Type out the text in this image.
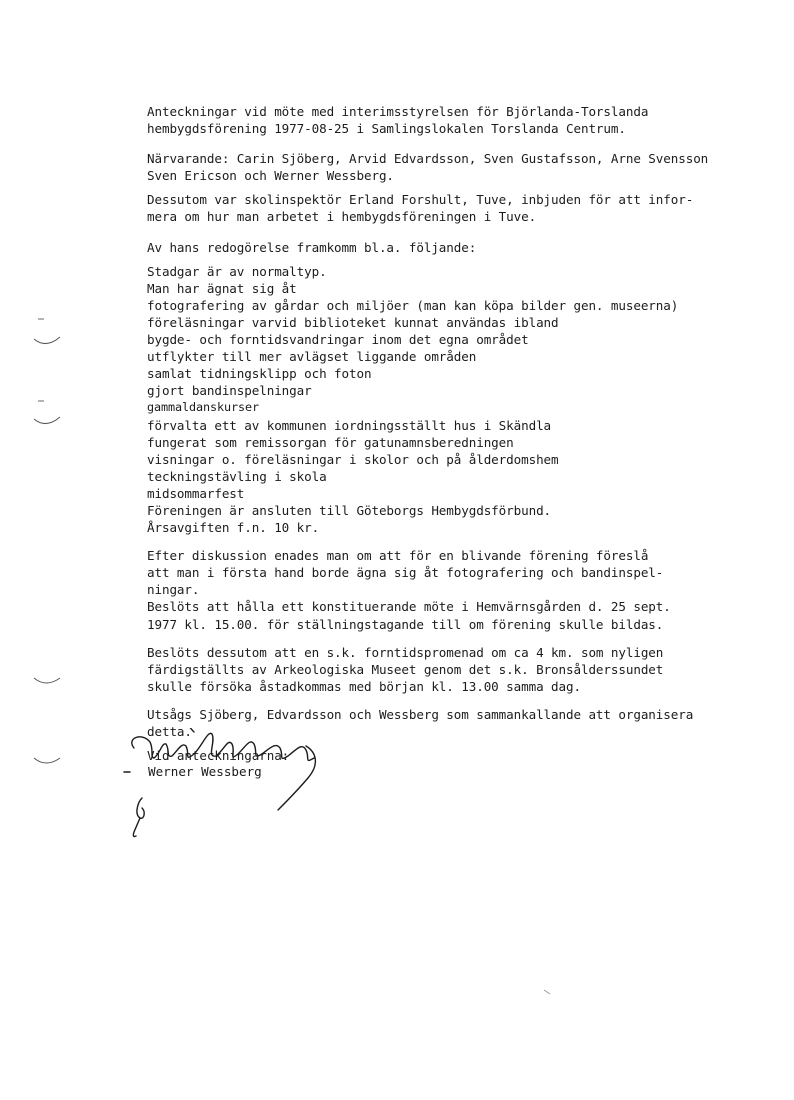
Anteckningar vid möte med interimsstyrelsen för Björlanda-Torslanda
hembygdsförening 1977-08-25 i Samlingslokalen Torslanda Centrum.
Närvarande: Carin Sjöberg, Arvid Edvardsson, Sven Gustafsson, Arne Svensson
Sven Ericson och Werner Wessberg.
Dessutom var skolinspektör Erland Forshult, Tuve, inbjuden för att infor-
mera om hur man arbetet i hembygdsföreningen i Tuve.
Av hans redogörelse framkomm bl.a. följande:
Stadgar är av normaltyp.
Man har ägnat sig åt
fotografering av gårdar och miljöer (man kan köpa bilder gen. museerna)
föreläsningar varvid biblioteket kunnat användas ibland
bygde- och forntidsvandringar inom det egna området
utflykter till mer avlägset liggande områden
samlat tidningsklipp och foton
gjort bandinspelningar
gammaldanskurser
förvalta ett av kommunen iordningsställt hus i Skändla
fungerat som remissorgan för gatunamnsberedningen
visningar o. föreläsningar i skolor och på ålderdomshem
teckningstävling i skola
midsommarfest
Föreningen är ansluten till Göteborgs Hembygdsförbund.
Årsavgiften f.n. 10 kr.
Efter diskussion enades man om att för en blivande förening föreslå
att man i första hand borde ägna sig åt fotografering och bandinspel-
ningar.
Beslöts att hålla ett konstituerande möte i Hemvärnsgården d. 25 sept.
1977 kl. 15.00. för ställningstagande till om förening skulle bildas.
Beslöts dessutom att en s.k. forntidspromenad om ca 4 km. som nyligen
färdigställts av Arkeologiska Museet genom det s.k. Bronsålderssundet
skulle försöka åstadkommas med början kl. 13.00 samma dag.
Utsågs Sjöberg, Edvardsson och Wessberg som sammankallande att organisera
detta.
Vid anteckningarna:
Werner Wessberg
